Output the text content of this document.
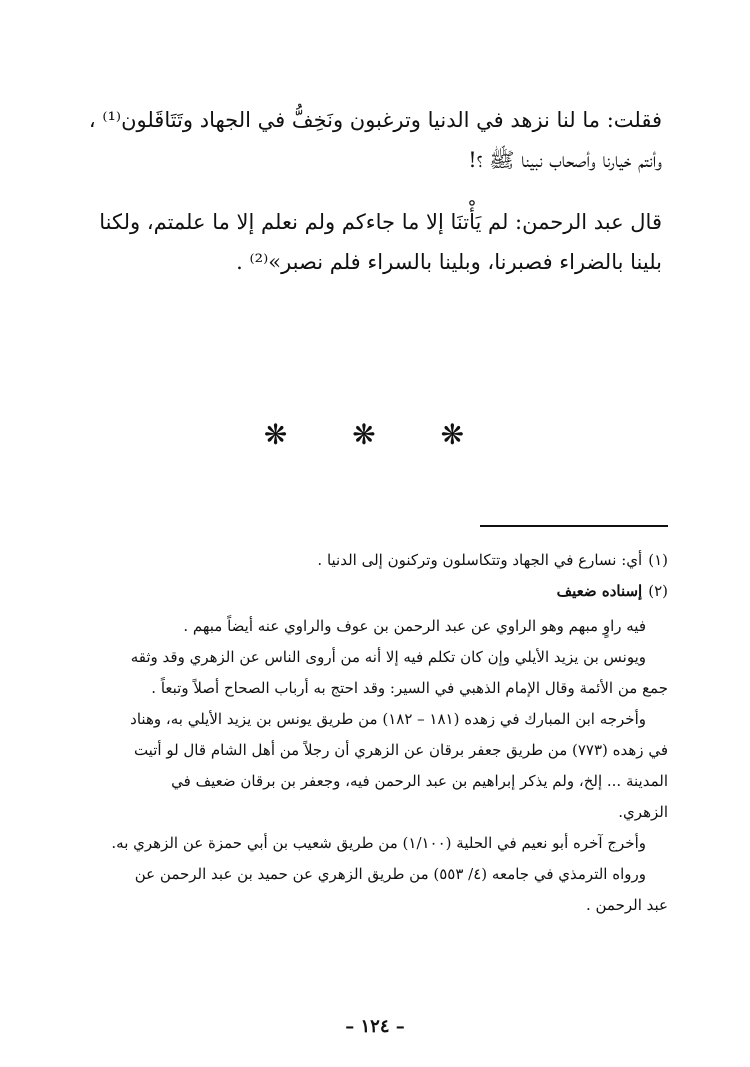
فقلت: ما لنا نزهد في الدنيا وترغبون ونَخِفُّ في الجهاد وتَتَاقَلون⁽¹⁾ ،
وأنتم خيارنا وأصحاب نبينا ﷺ ؟!
قال عبد الرحمن: لم يَأْتنَا إلا ما جاءكم ولم نعلم إلا ما علمتم، ولكنا
بلينا بالضراء فصبرنا، وبلينا بالسراء فلم نصبر»⁽²⁾ .
❋ ❋ ❋
(١)أي: نسارع في الجهاد وتتكاسلون وتركنون إلى الدنيا .
(٢)إسناده ضعيف
فيه راوٍ مبهم وهو الراوي عن عبد الرحمن بن عوف والراوي عنه أيضاً مبهم .
ويونس بن يزيد الأيلي وإن كان تكلم فيه إلا أنه من أروى الناس عن الزهري وقد وثقه
جمع من الأئمة وقال الإمام الذهبي في السير: وقد احتج به أرباب الصحاح أصلاً وتبعاً .
وأخرجه ابن المبارك في زهده (١٨١ – ١٨٢) من طريق يونس بن يزيد الأيلي به، وهناد
في زهده (٧٧٣) من طريق جعفر برقان عن الزهري أن رجلاً من أهل الشام قال لو أتيت
المدينة ... إلخ، ولم يذكر إبراهيم بن عبد الرحمن فيه، وجعفر بن برقان ضعيف في
الزهري.
وأخرج آخره أبو نعيم في الحلية (١/١٠٠) من طريق شعيب بن أبي حمزة عن الزهري به.
ورواه الترمذي في جامعه (٤/ ٥٥٣) من طريق الزهري عن حميد بن عبد الرحمن عن
عبد الرحمن .
– ١٢٤ –
